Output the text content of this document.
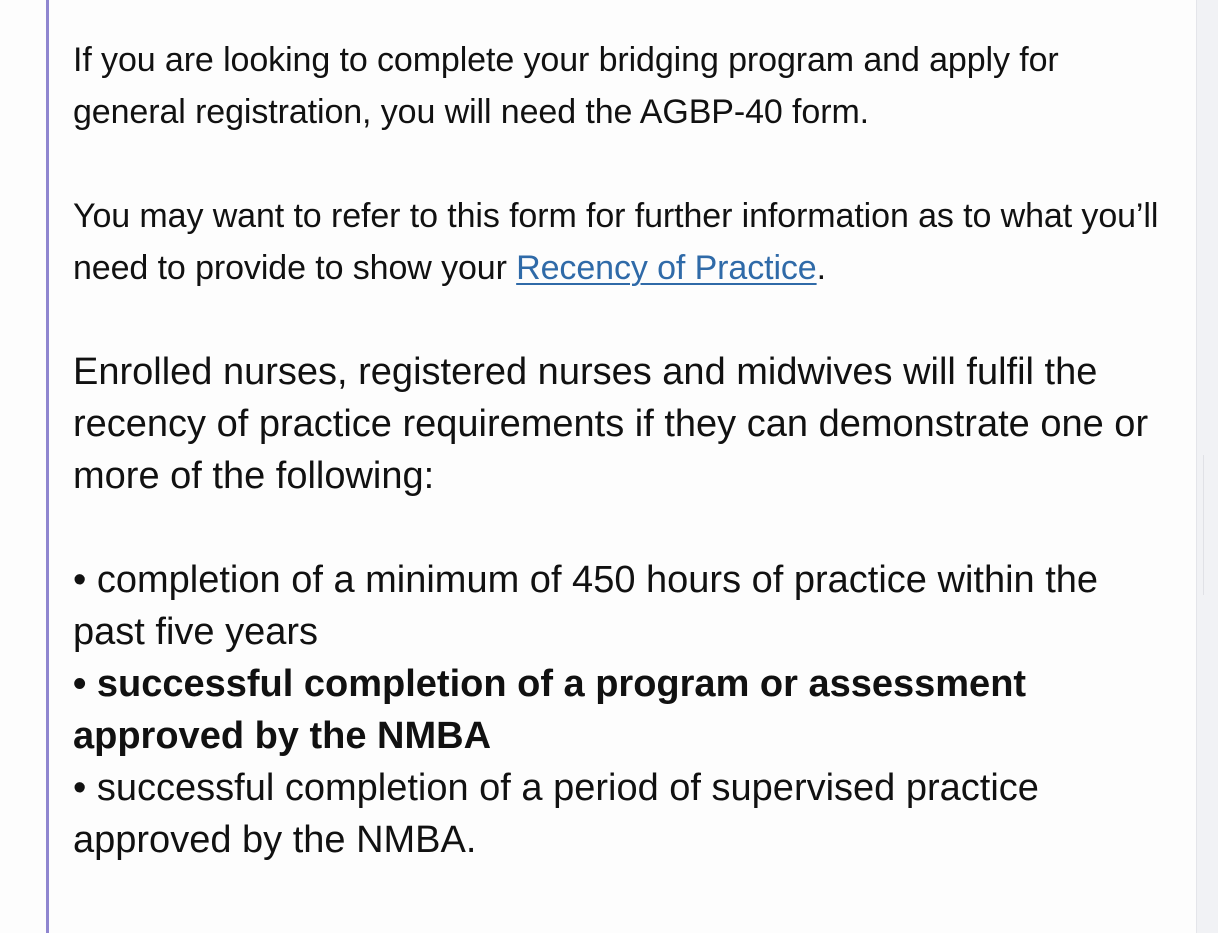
If you are looking to complete your bridging program and apply for general registration, you will need the AGBP-40 form.

You may want to refer to this form for further information as to what you’ll need to provide to show your Recency of Practice.

Enrolled nurses, registered nurses and midwives will fulfil the recency of practice requirements if they can demonstrate one or more of the following:

• completion of a minimum of 450 hours of practice within the past five years

• successful completion of a program or assessment approved by the NMBA

• successful completion of a period of supervised practice approved by the NMBA.
